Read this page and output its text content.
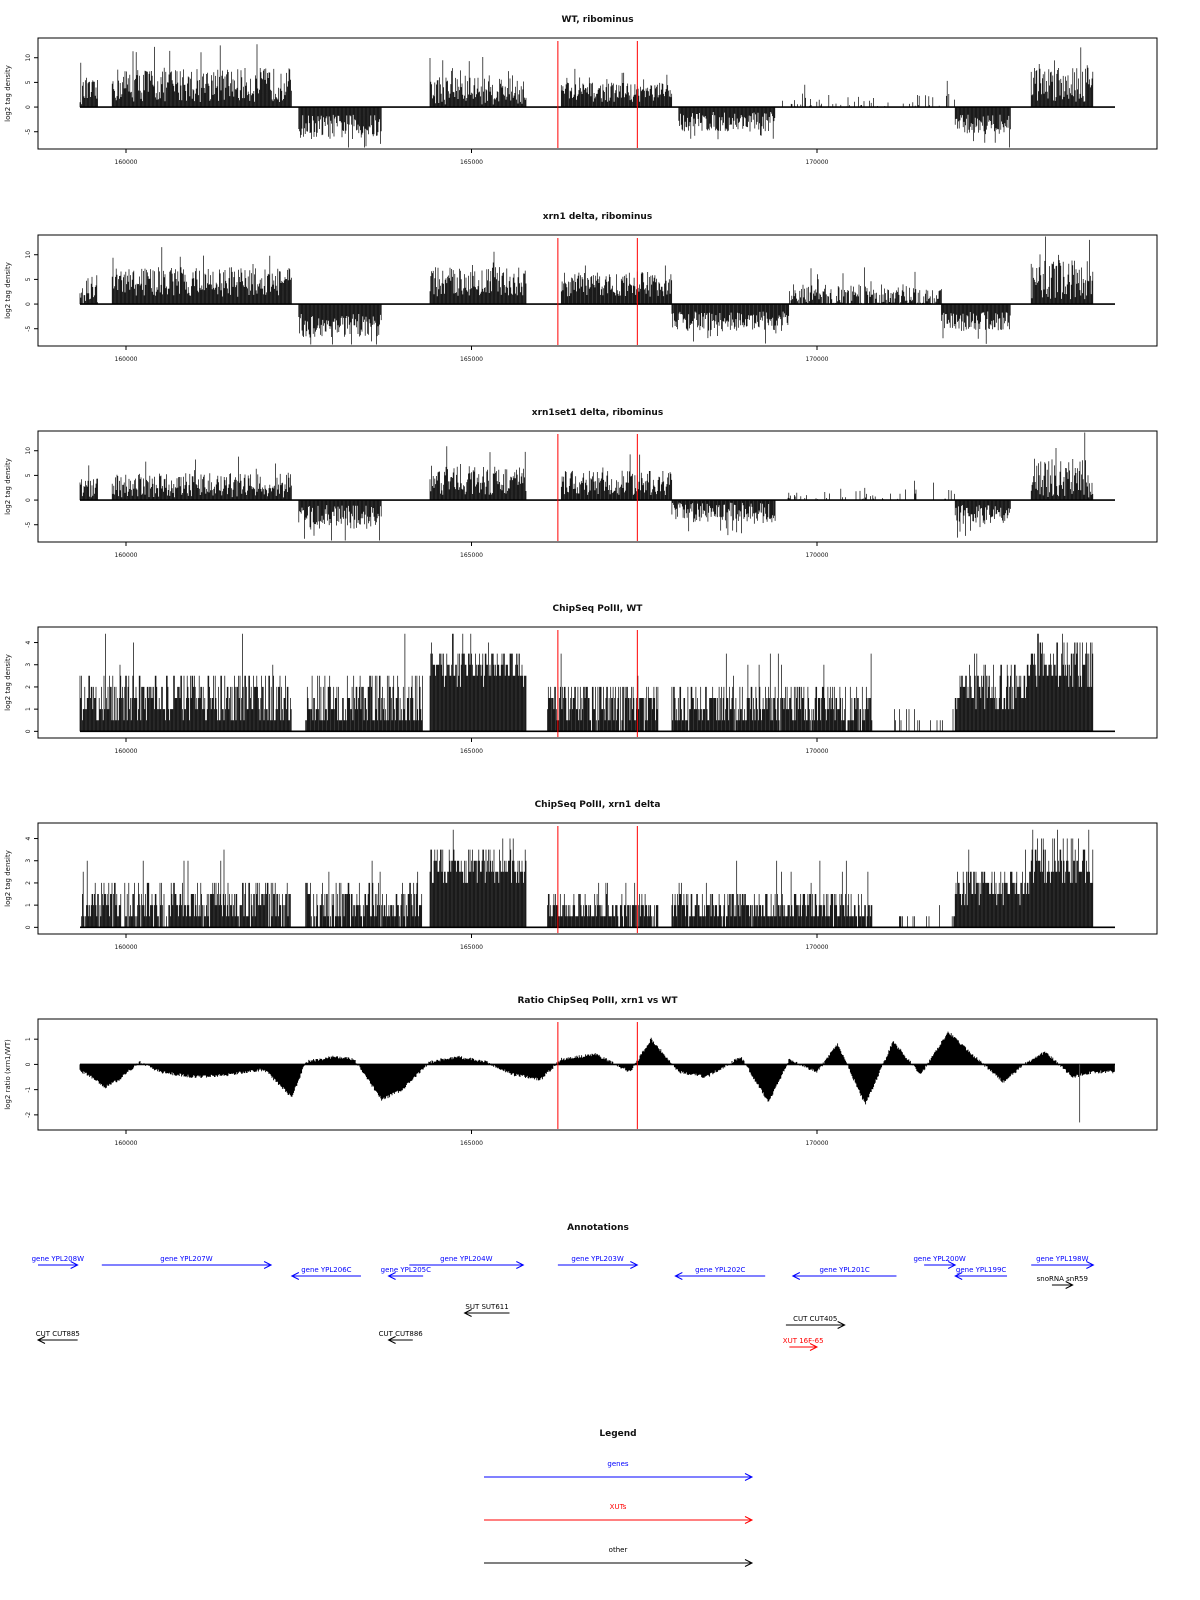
WT, ribominus
-5
0
5
10
log2 tag density
160000	165000	170000
xrn1 delta, ribominus
-5
0
5
10
log2 tag density
160000	165000	170000
xrn1set1 delta, ribominus
-5
0
5
10
log2 tag density
160000	165000	170000
ChipSeq PolII, WT
0
1
2
3
4
log2 tag density
160000	165000	170000
ChipSeq PolII, xrn1 delta
0
1
2
3
4
log2 tag density
160000	165000	170000
Ratio ChipSeq PolII, xrn1 vs WT
-2
-1
0
1
log2 ratio (xrn1/WT)
160000	165000	170000
Annotations
gene YPL208W	gene YPL207W
gene YPL206C	gene YPL205C
gene YPL204W	gene YPL203W
gene YPL202C	gene YPL201C
gene YPL200W
gene YPL199C
gene YPL198W
snoRNA snR59
SUT SUT611
CUT CUT885	CUT CUT886
CUT CUT405
XUT 16F-65
Legend
genes
XUTs
other
